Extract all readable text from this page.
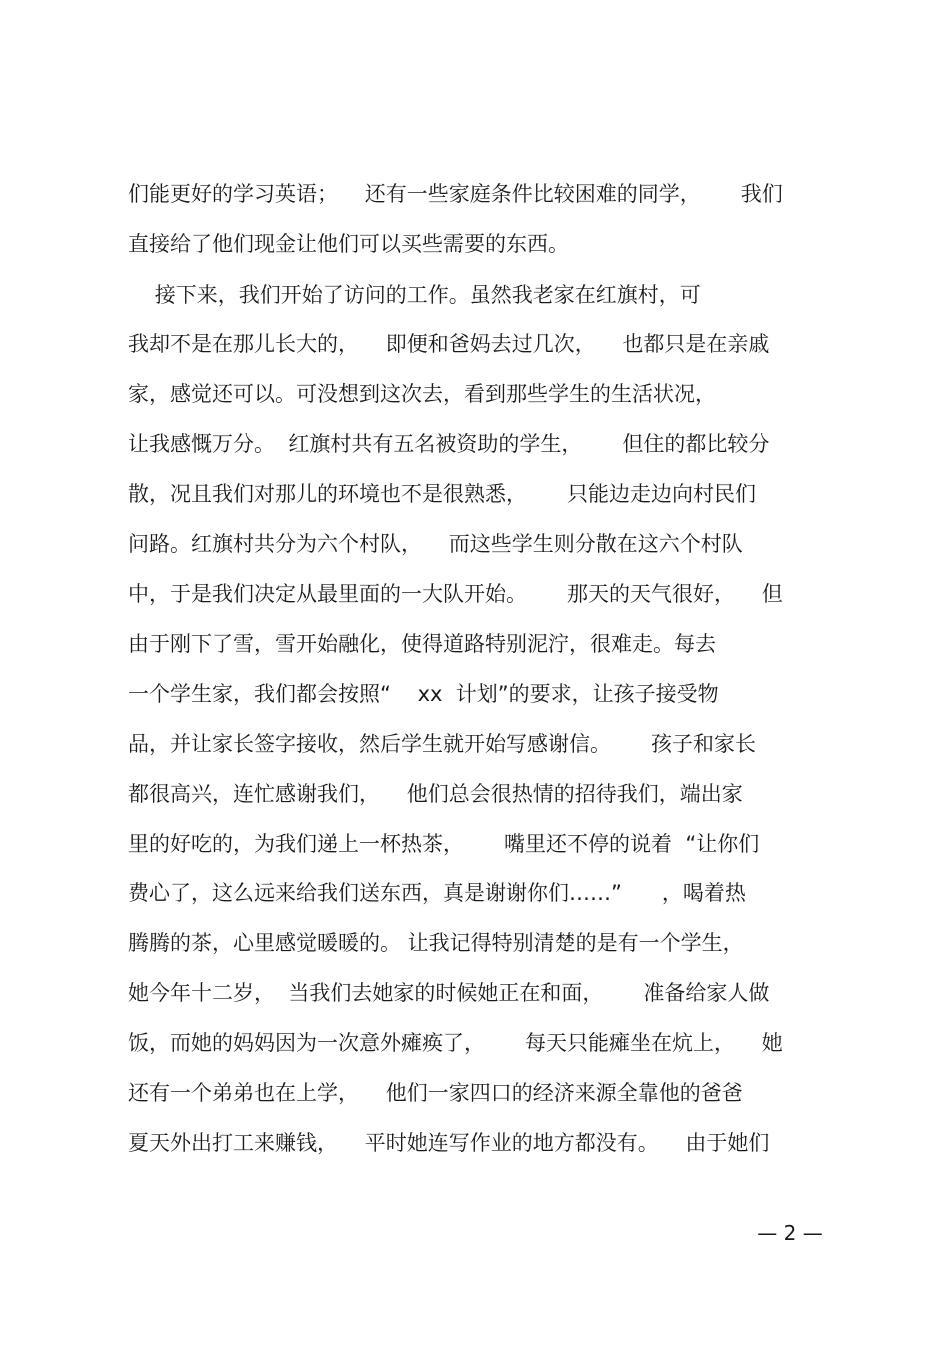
们能更好的学习英语；    还有一些家庭条件比较困难的同学，      我们
直接给了他们现金让他们可以买些需要的东西。
接下来，我们开始了访问的工作。虽然我老家在红旗村，可
我却不是在那儿长大的，    即便和爸妈去过几次，    也都只是在亲戚
家，感觉还可以。可没想到这次去，看到那些学生的生活状况，
让我感慨万分。  红旗村共有五名被资助的学生，      但住的都比较分
散，况且我们对那儿的环境也不是很熟悉，      只能边走边向村民们
问路。红旗村共分为六个村队，    而这些学生则分散在这六个村队
中，于是我们决定从最里面的一大队开始。      那天的天气很好，    但
由于刚下了雪，雪开始融化，使得道路特别泥泞，很难走。每去
一个学生家，我们都会按照“    xx  计划”的要求，让孩子接受物
品，并让家长签字接收，然后学生就开始写感谢信。      孩子和家长
都很高兴，连忙感谢我们，    他们总会很热情的招待我们，端出家
里的好吃的，为我们递上一杯热茶，      嘴里还不停的说着  “让你们
费心了，这么远来给我们送东西，真是谢谢你们……”      ，喝着热
腾腾的茶，心里感觉暖暖的。 让我记得特别清楚的是有一个学生，
她今年十二岁，  当我们去她家的时候她正在和面，      准备给家人做
饭，而她的妈妈因为一次意外瘫痪了，      每天只能瘫坐在炕上，    她
还有一个弟弟也在上学，    他们一家四口的经济来源全靠他的爸爸
夏天外出打工来赚钱，    平时她连写作业的地方都没有。    由于她们
— 2 —
